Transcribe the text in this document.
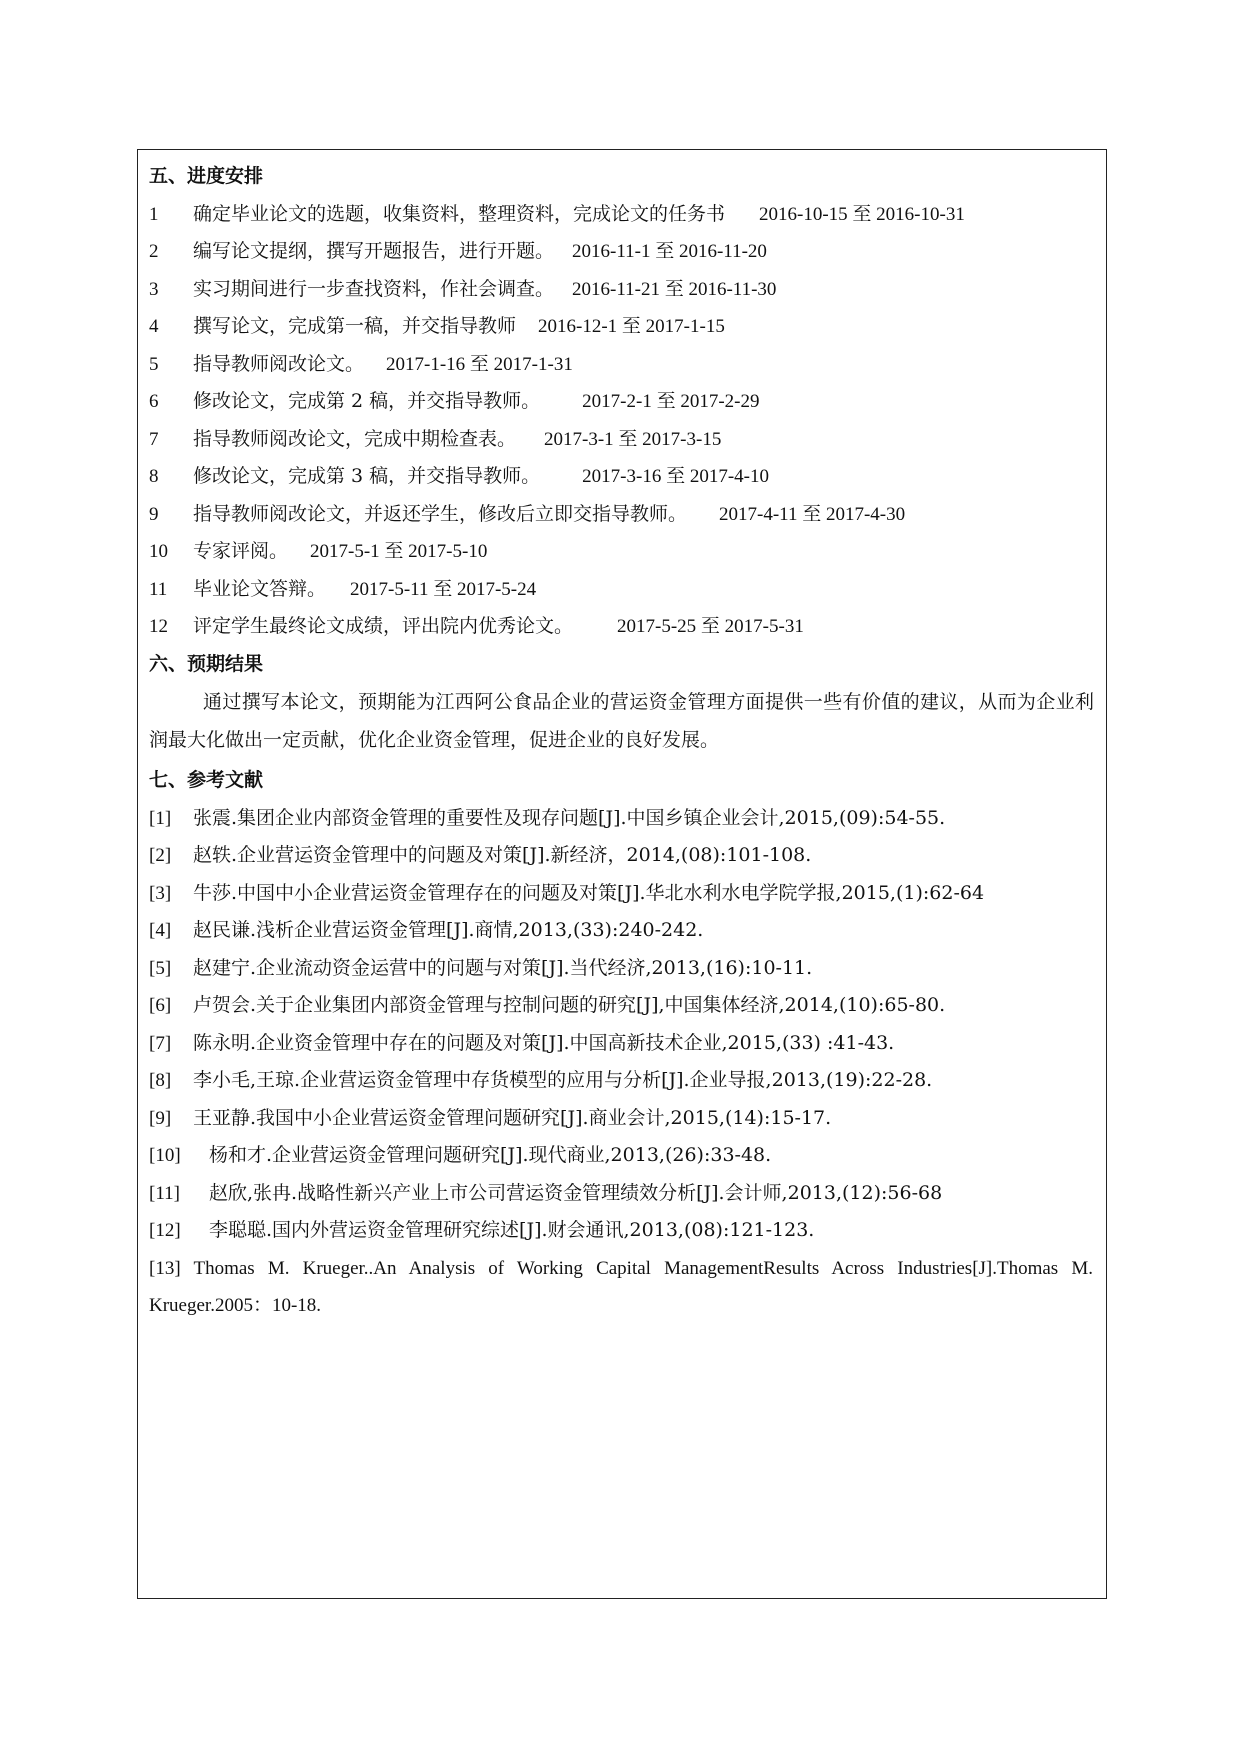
五、进度安排
1 确定毕业论文的选题，收集资料，整理资料，完成论文的任务书 2016-10-15 至 2016-10-31
2 编写论文提纲，撰写开题报告，进行开题。 2016-11-1 至 2016-11-20
3 实习期间进行一步查找资料，作社会调查。 2016-11-21 至 2016-11-30
4 撰写论文，完成第一稿，并交指导教师 2016-12-1 至 2017-1-15
5 指导教师阅改论文。 2017-1-16 至 2017-1-31
6 修改论文，完成第 2 稿，并交指导教师。 2017-2-1 至 2017-2-29
7 指导教师阅改论文，完成中期检查表。 2017-3-1 至 2017-3-15
8 修改论文，完成第 3 稿，并交指导教师。 2017-3-16 至 2017-4-10
9 指导教师阅改论文，并返还学生，修改后立即交指导教师。 2017-4-11 至 2017-4-30
10 专家评阅。 2017-5-1 至 2017-5-10
11 毕业论文答辩。 2017-5-11 至 2017-5-24
12 评定学生最终论文成绩，评出院内优秀论文。 2017-5-25 至 2017-5-31
六、预期结果
通过撰写本论文，预期能为江西阿公食品企业的营运资金管理方面提供一些有价值的建议，从而为企业利润最大化做出一定贡献，优化企业资金管理，促进企业的良好发展。
七、参考文献
[1] 张震.集团企业内部资金管理的重要性及现存问题[J].中国乡镇企业会计,2015,(09):54-55.
[2] 赵轶.企业营运资金管理中的问题及对策[J].新经济，2014,(08):101-108.
[3] 牛莎.中国中小企业营运资金管理存在的问题及对策[J].华北水利水电学院学报,2015,(1):62-64
[4] 赵民谦.浅析企业营运资金管理[J].商情,2013,(33):240-242.
[5] 赵建宁.企业流动资金运营中的问题与对策[J].当代经济,2013,(16):10-11.
[6] 卢贺会.关于企业集团内部资金管理与控制问题的研究[J],中国集体经济,2014,(10):65-80.
[7] 陈永明.企业资金管理中存在的问题及对策[J].中国高新技术企业,2015,(33) :41-43.
[8] 李小毛,王琼.企业营运资金管理中存货模型的应用与分析[J].企业导报,2013,(19):22-28.
[9] 王亚静.我国中小企业营运资金管理问题研究[J].商业会计,2015,(14):15-17.
[10] 杨和才.企业营运资金管理问题研究[J].现代商业,2013,(26):33-48.
[11] 赵欣,张冉.战略性新兴产业上市公司营运资金管理绩效分析[J].会计师,2013,(12):56-68
[12] 李聪聪.国内外营运资金管理研究综述[J].财会通讯,2013,(08):121-123.
[13] Thomas M. Krueger..An Analysis of Working Capital ManagementResults Across Industries[J].Thomas M. Krueger.2005：10-18.
